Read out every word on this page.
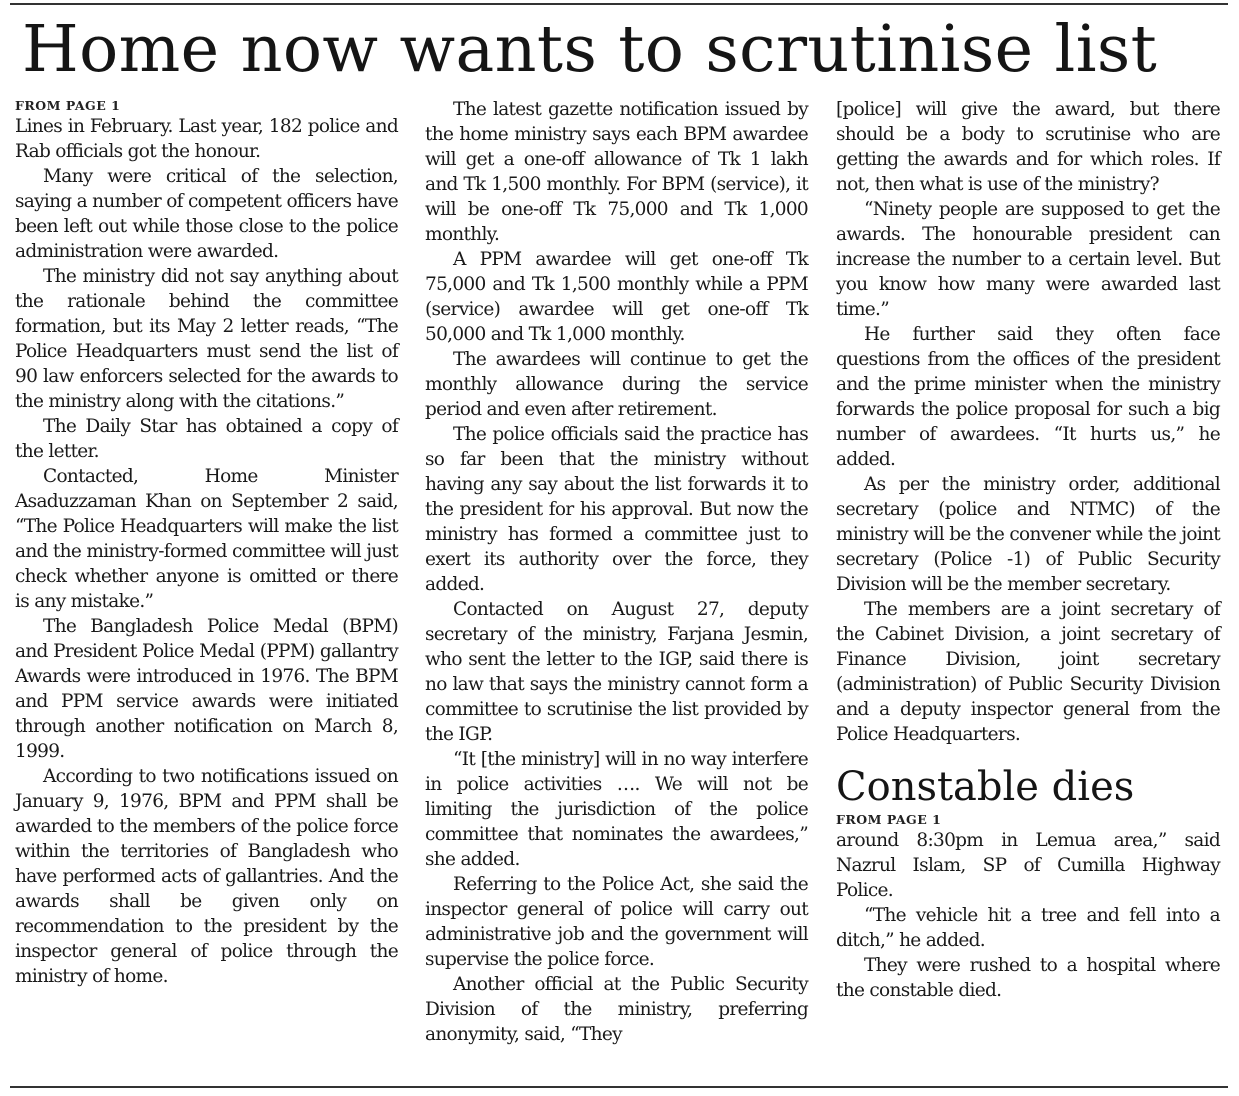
Home now wants to scrutinise list

FROM PAGE 1

Lines in February. Last year, 182 police and Rab officials got the honour.

Many were critical of the selection, saying a number of competent officers have been left out while those close to the police administration were awarded.

The ministry did not say anything about the rationale behind the committee formation, but its May 2 letter reads, “The Police Headquarters must send the list of 90 law enforcers selected for the awards to the ministry along with the citations.”

The Daily Star has obtained a copy of the letter.

Contacted, Home Minister Asaduzzaman Khan on September 2 said, “The Police Headquarters will make the list and the ministry-formed committee will just check whether anyone is omitted or there is any mistake.”

The Bangladesh Police Medal (BPM) and President Police Medal (PPM) gallantry Awards were introduced in 1976. The BPM and PPM service awards were initiated through another notification on March 8, 1999.

According to two notifications issued on January 9, 1976, BPM and PPM shall be awarded to the members of the police force within the territories of Bangladesh who have performed acts of gallantries. And the awards shall be given only on recommendation to the president by the inspector general of police through the ministry of home.

The latest gazette notification issued by the home ministry says each BPM awardee will get a one-off allowance of Tk 1 lakh and Tk 1,500 monthly. For BPM (service), it will be one-off Tk 75,000 and Tk 1,000 monthly.

A PPM awardee will get one-off Tk 75,000 and Tk 1,500 monthly while a PPM (service) awardee will get one-off Tk 50,000 and Tk 1,000 monthly.

The awardees will continue to get the monthly allowance during the service period and even after retirement.

The police officials said the practice has so far been that the ministry without having any say about the list forwards it to the president for his approval. But now the ministry has formed a committee just to exert its authority over the force, they added.

Contacted on August 27, deputy secretary of the ministry, Farjana Jesmin, who sent the letter to the IGP, said there is no law that says the ministry cannot form a committee to scrutinise the list provided by the IGP.

“It [the ministry] will in no way interfere in police activities …. We will not be limiting the jurisdiction of the police committee that nominates the awardees,” she added.

Referring to the Police Act, she said the inspector general of police will carry out administrative job and the government will supervise the police force.

Another official at the Public Security Division of the ministry, preferring anonymity, said, “They

[police] will give the award, but there should be a body to scrutinise who are getting the awards and for which roles. If not, then what is use of the ministry?

“Ninety people are supposed to get the awards. The honourable president can increase the number to a certain level. But you know how many were awarded last time.”

He further said they often face questions from the offices of the president and the prime minister when the ministry forwards the police proposal for such a big number of awardees. “It hurts us,” he added.

As per the ministry order, additional secretary (police and NTMC) of the ministry will be the convener while the joint secretary (Police -1) of Public Security Division will be the member secretary.

The members are a joint secretary of the Cabinet Division, a joint secretary of Finance Division, joint secretary (administration) of Public Security Division and a deputy inspector general from the Police Headquarters.

Constable dies

FROM PAGE 1

around 8:30pm in Lemua area,” said Nazrul Islam, SP of Cumilla Highway Police.

“The vehicle hit a tree and fell into a ditch,” he added.

They were rushed to a hospital where the constable died.
